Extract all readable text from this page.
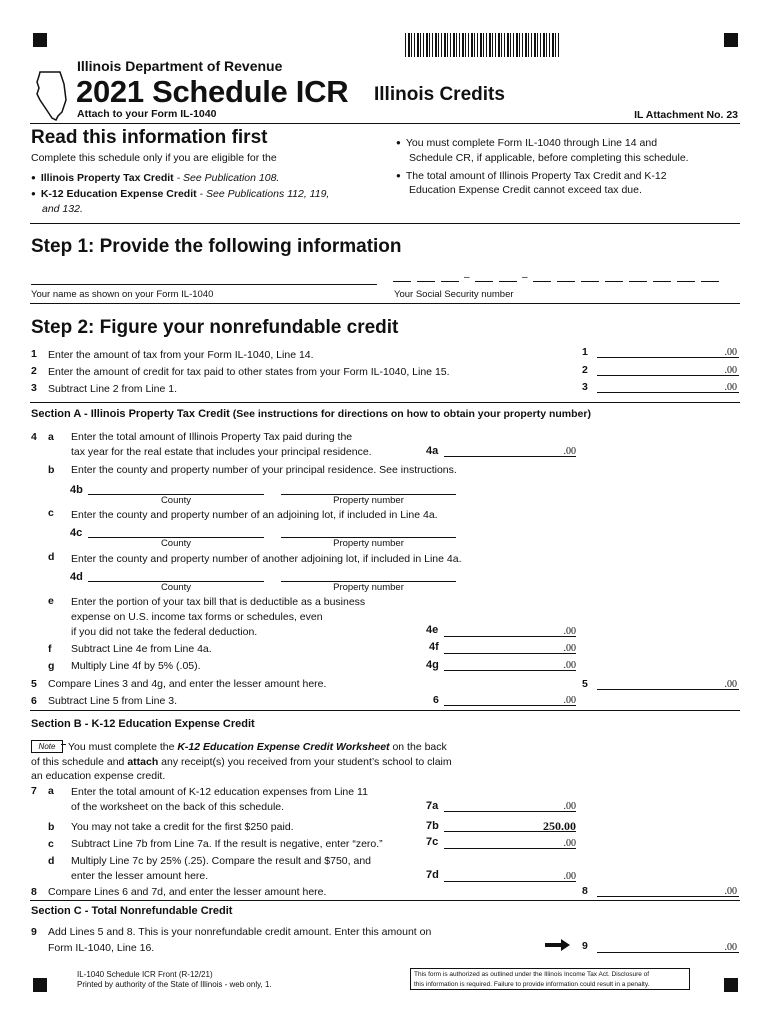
Illinois Department of Revenue
2021 Schedule ICR Illinois Credits
Attach to your Form IL-1040	IL Attachment No. 23
Read this information first
Complete this schedule only if you are eligible for the
● Illinois Property Tax Credit - See Publication 108.
● K-12 Education Expense Credit - See Publications 112, 119,
and 132.
● You must complete Form IL-1040 through Line 14 and
Schedule CR, if applicable, before completing this schedule.
● The total amount of Illinois Property Tax Credit and K-12
Education Expense Credit cannot exceed tax due.
Step 1: Provide the following information
Your name as shown on your Form IL-1040
–	–
Your Social Security number
Step 2: Figure your nonrefundable credit
1 Enter the amount of tax from your Form IL-1040, Line 14.	1	.00
2 Enter the amount of credit for tax paid to other states from your Form IL-1040, Line 15.	2	.00
3 Subtract Line 2 from Line 1.	3	.00
Section A - Illinois Property Tax Credit (See instructions for directions on how to obtain your property number)
4 a Enter the total amount of Illinois Property Tax paid during the
tax year for the real estate that includes your principal residence.	4a	.00
b Enter the county and property number of your principal residence. See instructions.
4b
County	Property number
c Enter the county and property number of an adjoining lot, if included in Line 4a.
4c
County	Property number
d Enter the county and property number of another adjoining lot, if included in Line 4a.
4d
County	Property number
e Enter the portion of your tax bill that is deductible as a business
expense on U.S. income tax forms or schedules, even
if you did not take the federal deduction.	4e	.00
f Subtract Line 4e from Line 4a.	4f	.00
g Multiply Line 4f by 5% (.05).	4g	.00
5 Compare Lines 3 and 4g, and enter the lesser amount here.	5	.00
6 Subtract Line 5 from Line 3.	6	.00
Section B - K-12 Education Expense Credit
Note	You must complete the K-12 Education Expense Credit Worksheet on the back
of this schedule and attach any receipt(s) you received from your student’s school to claim
an education expense credit.
7 a Enter the total amount of K-12 education expenses from Line 11
of the worksheet on the back of this schedule.	7a	.00
b You may not take a credit for the first $250 paid.	7b	250.00
c Subtract Line 7b from Line 7a. If the result is negative, enter “zero.”	7c	.00
d Multiply Line 7c by 25% (.25). Compare the result and $750, and
enter the lesser amount here.	7d	.00
8 Compare Lines 6 and 7d, and enter the lesser amount here.	8	.00
Section C - Total Nonrefundable Credit
9 Add Lines 5 and 8. This is your nonrefundable credit amount. Enter this amount on
Form IL-1040, Line 16.	9	.00
IL-1040 Schedule ICR Front (R-12/21)
Printed by authority of the State of Illinois - web only, 1.
This form is authorized as outlined under the Illinois Income Tax Act. Disclosure of
this information is required. Failure to provide information could result in a penalty.
